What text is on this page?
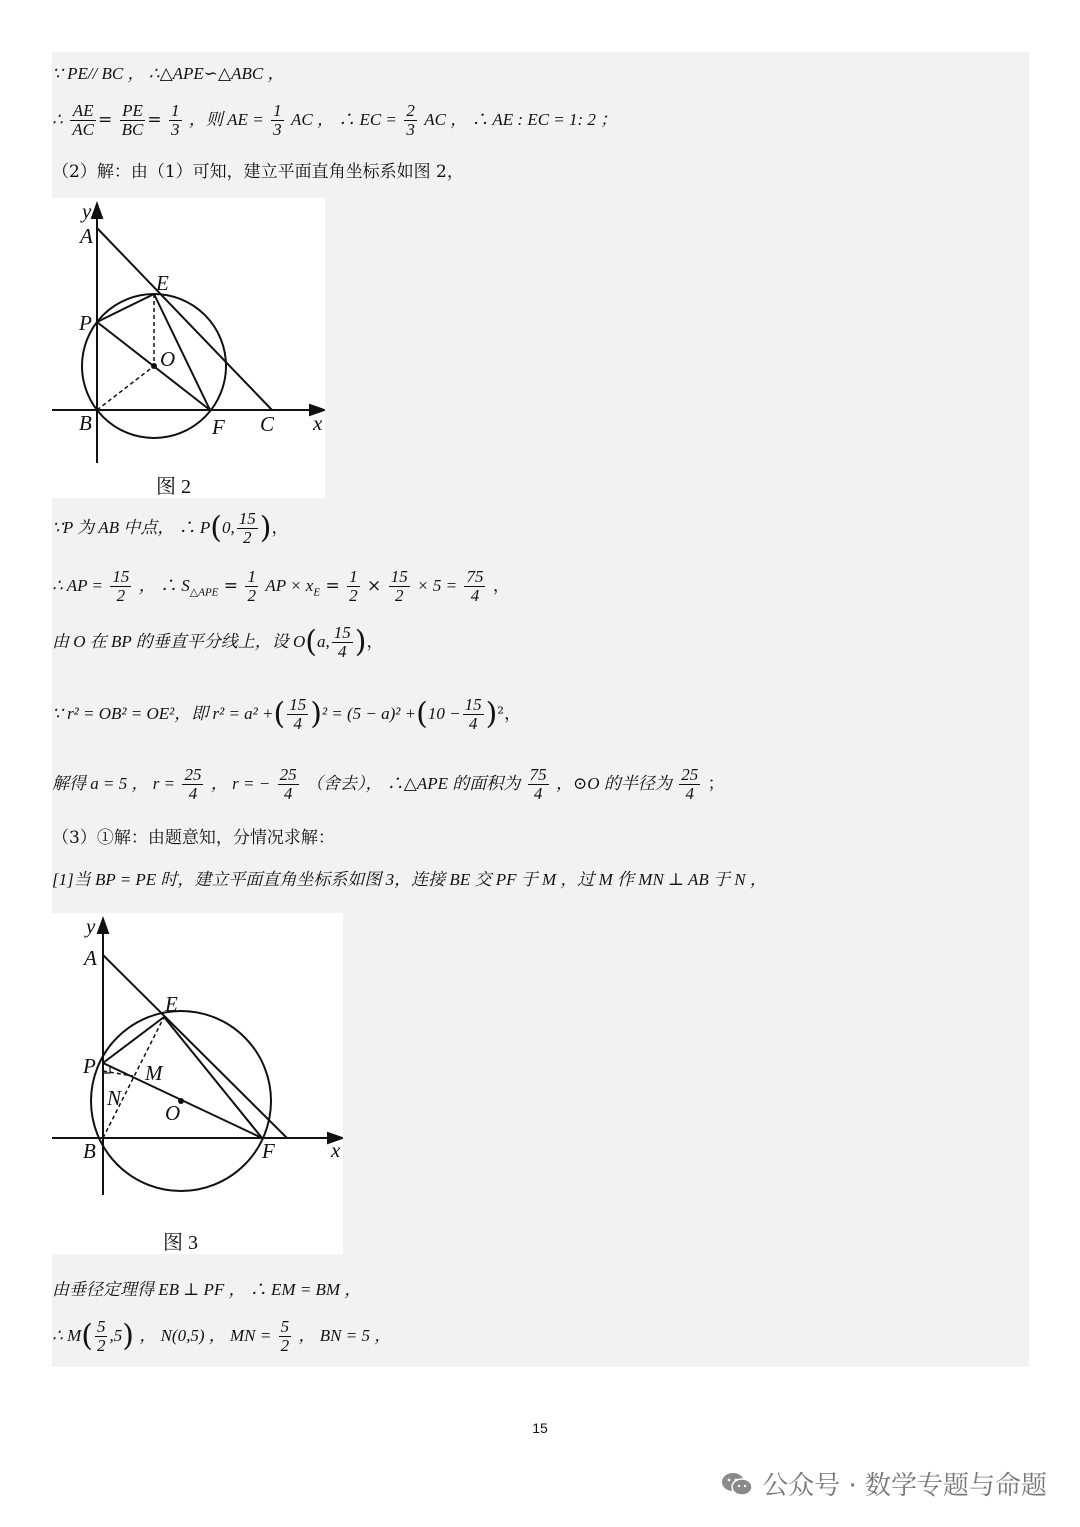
∵ PE// BC ， ∴△APE∽△ABC ，
∴ $\frac{AE}{AC} = \frac{PE}{BC} = \frac{1}{3}$ ，则 AE = $\frac{1}{3}$ AC ， ∴ EC = $\frac{2}{3}$ AC ， ∴ AE : EC = 1: 2 ；
（2）解：由（1）可知，建立平面直角坐标系如图 2，
y
A
E
P
O
B	F C x
图 2
∵P 为 AB 中点， ∴ P(0, $\frac{15}{2}$ )，
∴ AP = $\frac{15}{2}$ ， ∴ $S_{\triangle APE} = \frac{1}{2}$ AP × $x_E = \frac{1}{2} \times \frac{15}{2} \times 5 = \frac{75}{4}$ ，
由 O 在 BP 的垂直平分线上，设 O(a, $\frac{15}{4}$ )，
∵ r² = OB² = OE²，即 r² = a² +( $\frac{15}{4} )^2 = (5 - a)^2 +(10 - \frac{15}{4} )^2$，
解得 a = 5 ， $r = \frac{25}{4}$ ， r = − $\frac{25}{4}$ （舍去）， ∴△APE 的面积为 $\frac{75}{4}$ ，⊙O 的半径为 $\frac{25}{4}$ ；
（3）①解：由题意知，分情况求解：
[1]当 BP = PE 时，建立平面直角坐标系如图 3，连接 BE 交 PF 于 M ，过 M 作 MN ⊥ AB 于 N ，
y
A
E
P M
N
O
B	F	x
图 3
由垂径定理得 EB ⊥ PF ， ∴ EM = BM ，
∴ $M( \frac{5}{2} ,5)$ ， N(0,5) ， MN = $\frac{5}{2}$ ， BN = 5 ，
15
公众号 · 数学专题与命题
